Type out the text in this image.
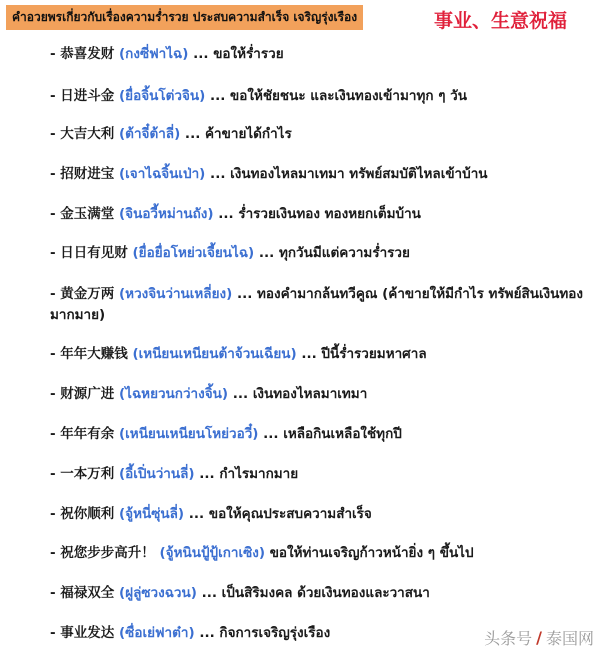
คำอวยพรเกี่ยวกับเรื่องความร่ำรวย ประสบความสำเร็จ เจริญรุ่งเรือง	事业、生意祝福
- 恭喜发财 (กงซี่ฟาไฉ) ... ขอให้ร่ำรวย
- 日进斗金 (ยื่อจิ้นโต่วจิน) ... ขอให้ชัยชนะ และเงินทองเข้ามาทุก ๆ วัน
- 大吉大利 (ต้าจี๋ต้าลี่) ... ค้าขายได้กำไร
- 招财进宝 (เจาไฉจิ้นเป่า) ... เงินทองไหลมาเทมา ทรัพย์สมบัติไหลเข้าบ้าน
- 金玉满堂 (จินอวี้หม่านถัง) ... ร่ำรวยเงินทอง ทองหยกเต็มบ้าน
- 日日有见财 (ยื่อยื่อโหย่วเจี้ยนไฉ) ... ทุกวันมีแต่ความร่ำรวย
- 黄金万两 (หวงจินว่านเหลี่ยง) ... ทองคำมากล้นทวีคูณ (ค้าขายให้มีกำไร ทรัพย์สินเงินทองมากมาย)
- 年年大赚钱 (เหนียนเหนียนต้าจ้วนเฉียน) ... ปีนี้ร่ำรวยมหาศาล
- 财源广进 (ไฉหยวนกว่างจิ้น) ... เงินทองไหลมาเทมา
- 年年有余 (เหนียนเหนียนโหย่วอวี๋) ... เหลือกินเหลือใช้ทุกปี
- 一本万利 (อี้เปิ่นว่านลี่) ... กำไรมากมาย
- 祝你顺利 (จู้หนี่ซุ่นลี่) ... ขอให้คุณประสบความสำเร็จ
- 祝您步步高升！ (จู้หนินปู้ปู้เกาเซิง) ขอให้ท่านเจริญก้าวหน้ายิ่ง ๆ ขึ้นไป
- 福禄双全 (ฝูลู่ซวงฉวน) ... เป็นสิริมงคล ด้วยเงินทองและวาสนา
- 事业发达 (ซื่อเย่ฟาต๋า) ... กิจการเจริญรุ่งเรือง	头条号 / 泰国网
